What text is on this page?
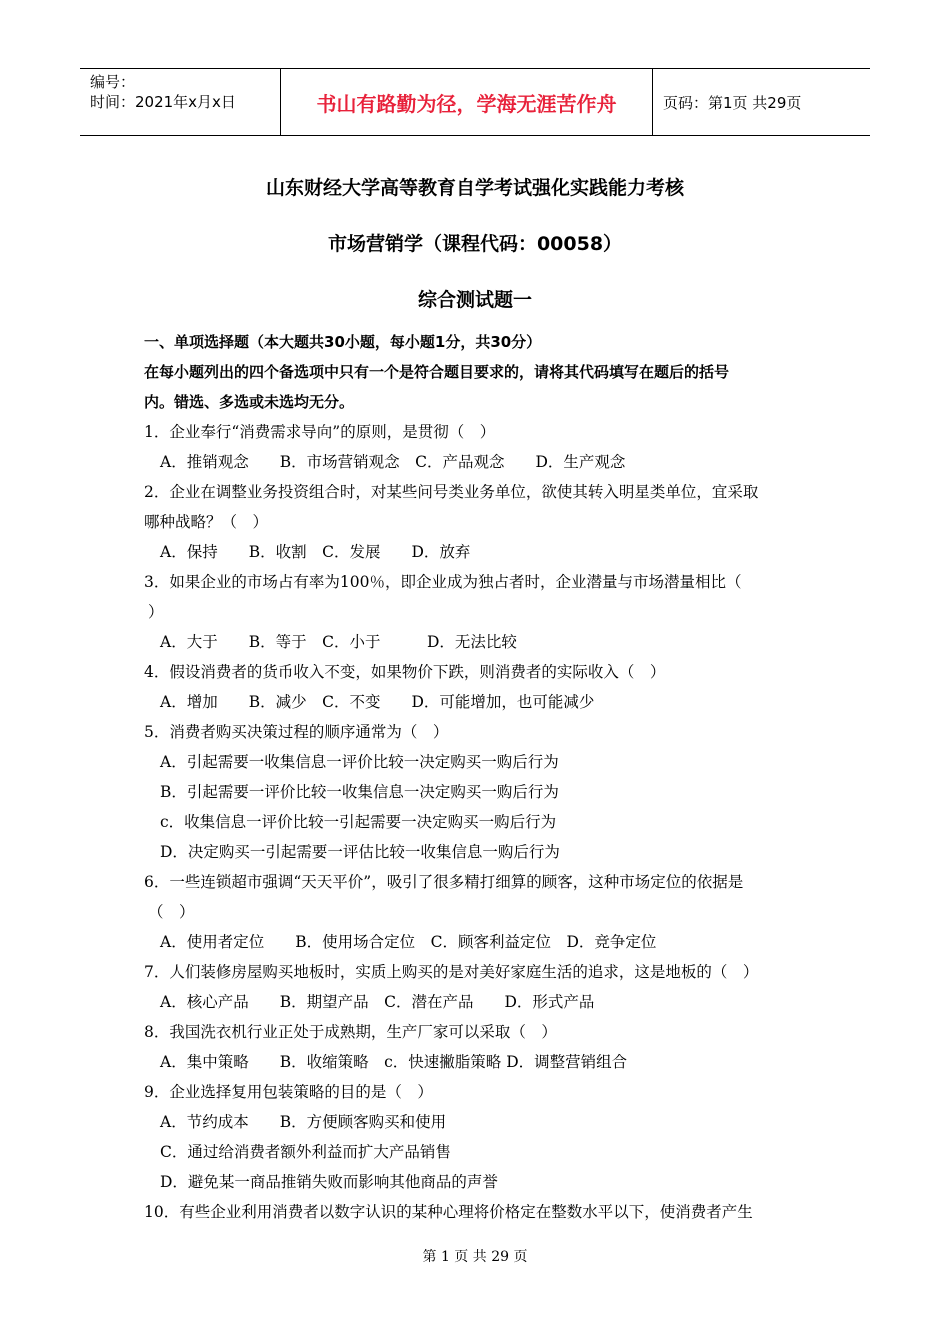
编号：
时间：2021年x月x日	书山有路勤为径，学海无涯苦作舟	页码：第1页 共29页
山东财经大学高等教育自学考试强化实践能力考核
市场营销学（课程代码：00058）
综合测试题一
一、单项选择题（本大题共30小题，每小题1分，共30分）
在每小题列出的四个备选项中只有一个是符合题目要求的，请将其代码填写在题后的括号
内。错选、多选或未选均无分。
1．企业奉行“消费需求导向”的原则，是贯彻（　）
A．推销观念　　B．市场营销观念　C．产品观念　　D．生产观念
2．企业在调整业务投资组合时，对某些问号类业务单位，欲使其转入明星类单位，宜采取
哪种战略？（　）
A．保持　　B．收割　C．发展　　D．放弃
3．如果企业的市场占有率为100％，即企业成为独占者时，企业潜量与市场潜量相比（
）
A．大于　　B．等于　C．小于　　　D．无法比较
4．假设消费者的货币收入不变，如果物价下跌，则消费者的实际收入（　）
A．增加　　B．减少　C．不变　　D．可能增加，也可能减少
5．消费者购买决策过程的顺序通常为（　）
A．引起需要一收集信息一评价比较一决定购买一购后行为
B．引起需要一评价比较一收集信息一决定购买一购后行为
c．收集信息一评价比较一引起需要一决定购买一购后行为
D．决定购买一引起需要一评估比较一收集信息一购后行为
6．一些连锁超市强调“天天平价”，吸引了很多精打细算的顾客，这种市场定位的依据是
（　）
A．使用者定位　　B．使用场合定位　C．顾客利益定位　D．竞争定位
7．人们装修房屋购买地板时，实质上购买的是对美好家庭生活的追求，这是地板的（　）
A．核心产品　　B．期望产品　C．潜在产品　　D．形式产品
8．我国洗衣机行业正处于成熟期，生产厂家可以采取（　）
A．集中策略　　B．收缩策略　c．快速撇脂策略 D．调整营销组合
9．企业选择复用包装策略的目的是（　）
A．节约成本　　B．方便顾客购买和使用
C．通过给消费者额外利益而扩大产品销售
D．避免某一商品推销失败而影响其他商品的声誉
10．有些企业利用消费者以数字认识的某种心理将价格定在整数水平以下，使消费者产生
第 1 页 共 29 页
